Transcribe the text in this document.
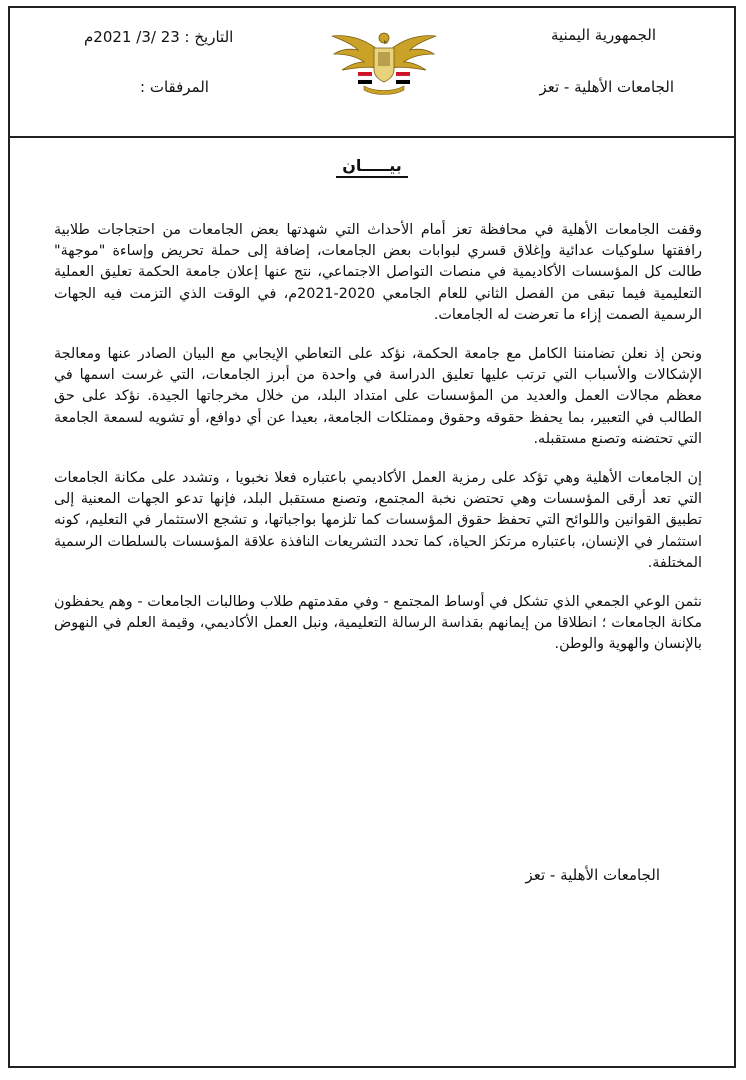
الجمهورية اليمنية
الجامعات الأهلية - تعز
التاريخ : 23 /3/ 2021م
المرفقات :
بيـــــان

وقفت الجامعات الأهلية في محافظة تعز أمام الأحداث التي شهدتها بعض الجامعات من احتجاجات طلابية رافقتها سلوكيات عدائية وإغلاق قسري لبوابات بعض الجامعات، إضافة إلى حملة تحريض وإساءة "موجهة" طالت كل المؤسسات الأكاديمية في منصات التواصل الاجتماعي، نتج عنها إعلان جامعة الحكمة تعليق العملية التعليمية فيما تبقى من الفصل الثاني للعام الجامعي 2020-2021م، في الوقت الذي التزمت فيه الجهات الرسمية الصمت إزاء ما تعرضت له الجامعات.

ونحن إذ نعلن تضامننا الكامل مع جامعة الحكمة، نؤكد على التعاطي الإيجابي مع البيان الصادر عنها ومعالجة الإشكالات والأسباب التي ترتب عليها تعليق الدراسة في واحدة من أبرز الجامعات، التي غرست اسمها في معظم مجالات العمل والعديد من المؤسسات على امتداد البلد، من خلال مخرجاتها الجيدة. نؤكد على حق الطالب في التعبير، بما يحفظ حقوقه وحقوق وممتلكات الجامعة، بعيدا عن أي دوافع، أو تشويه لسمعة الجامعة التي تحتضنه وتصنع مستقبله.

إن الجامعات الأهلية وهي تؤكد على رمزية العمل الأكاديمي باعتباره فعلا نخبويا ، وتشدد على مكانة الجامعات التي تعد أرقى المؤسسات وهي تحتضن نخبة المجتمع، وتصنع مستقبل البلد، فإنها تدعو الجهات المعنية إلى تطبيق القوانين واللوائح التي تحفظ حقوق المؤسسات كما تلزمها بواجباتها، و تشجع الاستثمار في التعليم، كونه استثمار في الإنسان، باعتباره مرتكز الحياة، كما تحدد التشريعات النافذة علاقة المؤسسات بالسلطات الرسمية المختلفة.

نثمن الوعي الجمعي الذي تشكل في أوساط المجتمع - وفي مقدمتهم طلاب وطالبات الجامعات - وهم يحفظون مكانة الجامعات ؛ انطلاقا من إيمانهم بقداسة الرسالة التعليمية، ونبل العمل الأكاديمي، وقيمة العلم في النهوض بالإنسان والهوية والوطن.

الجامعات الأهلية - تعز
